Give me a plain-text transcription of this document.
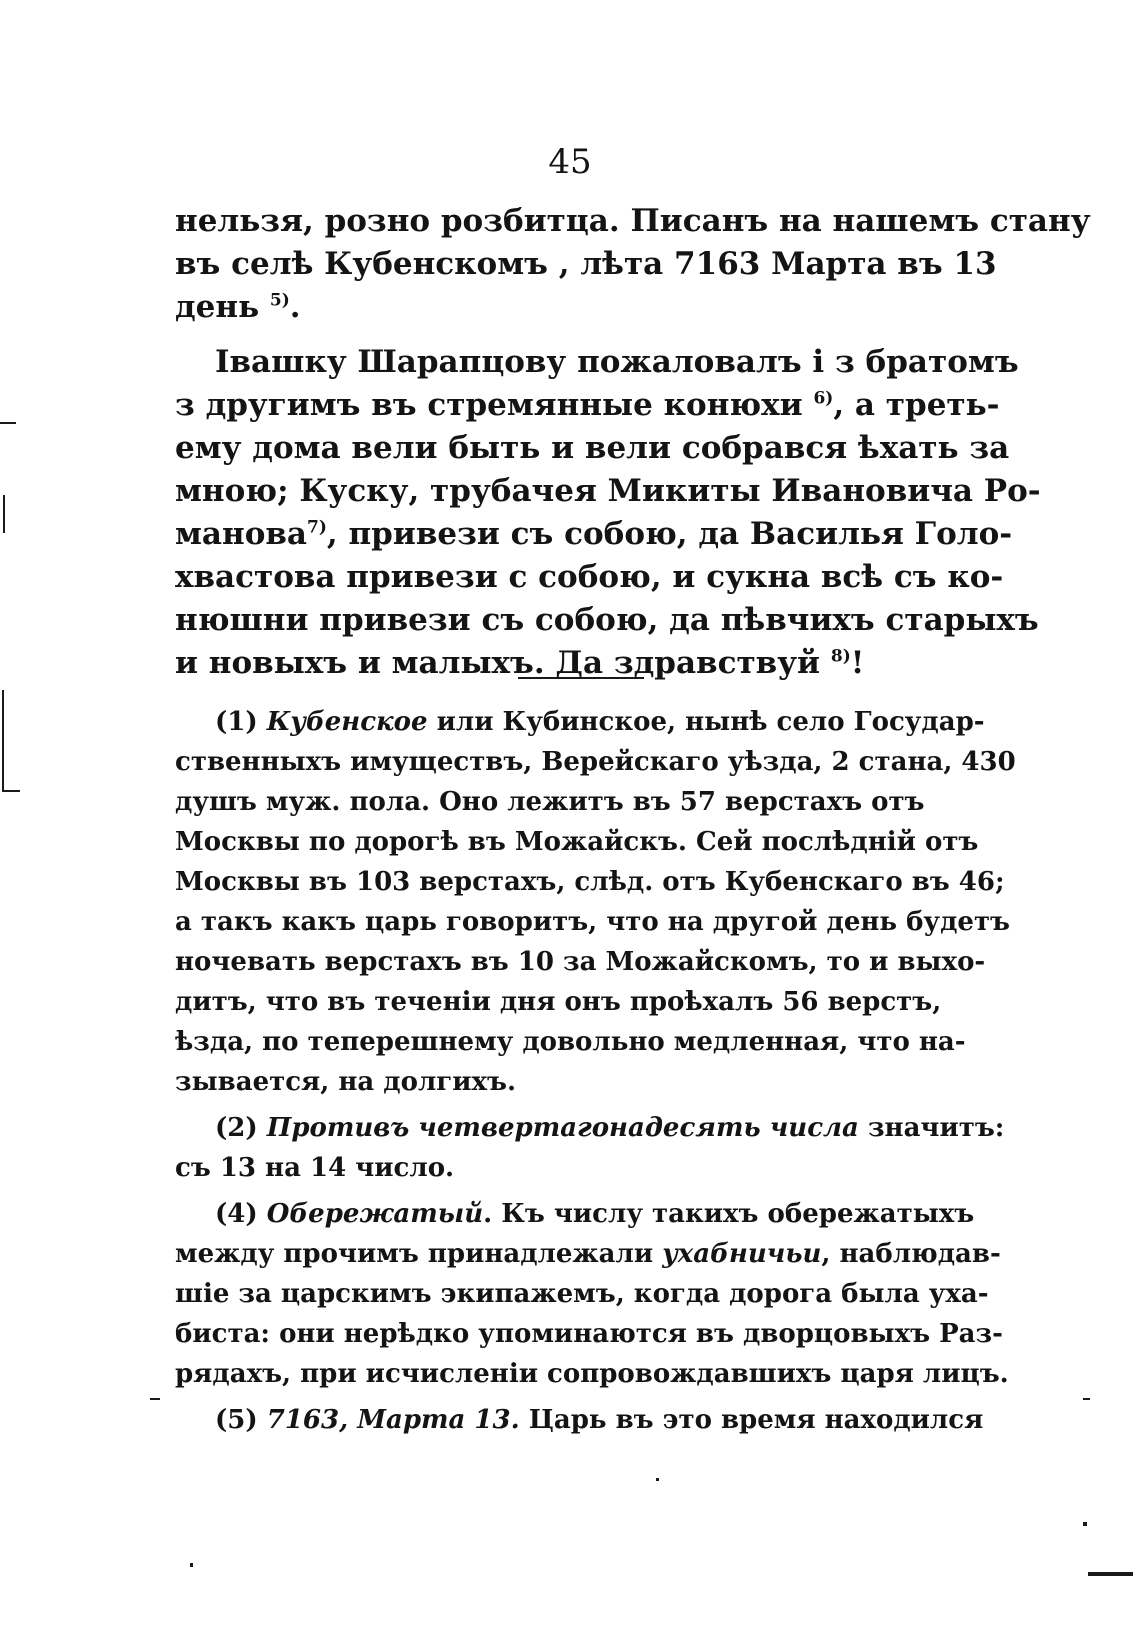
45
нельзя, розно розбитца. Писанъ на нашемъ стану
въ селѣ Кубенскомъ , лѣта 7163 Марта въ 13
день $^{5)}$.
Івашку Шарапцову пожаловалъ і з братомъ
з другимъ въ стремянные конюхи $^{6)}$, а треть-
ему дома вели быть и вели собрався ѣхать за
мною; Куску, трубачея Микиты Ивановича Ро-
манова$^{7)}$, привези съ собою, да Василья Голо-
хвастова привези с собою, и сукна всѣ съ ко-
нюшни привези съ собою, да пѣвчихъ старыхъ
и новыхъ и малыхъ. Да здравствуй $^{8)}$!
(1) Кубенское или Кубинское, нынѣ село Государ-
ственныхъ имуществъ, Верейскаго уѣзда, 2 стана, 430
душъ муж. пола. Оно лежитъ въ 57 верстахъ отъ
Москвы по дорогѣ въ Можайскъ. Сей послѣдній отъ
Москвы въ 103 верстахъ, слѣд. отъ Кубенскаго въ 46;
а такъ какъ царь говоритъ, что на другой день будетъ
ночевать верстахъ въ 10 за Можайскомъ, то и выхо-
дитъ, что въ теченіи дня онъ проѣхалъ 56 верстъ,
ѣзда, по теперешнему довольно медленная, что на-
зывается, на долгихъ.
(2) Противъ четвертагонадесять числа значитъ:
съ 13 на 14 число.
(4) Обережатый. Къ числу такихъ обережатыхъ
между прочимъ принадлежали ухабничьи, наблюдав-
шіе за царскимъ экипажемъ, когда дорога была уха-
биста: они нерѣдко упоминаются въ дворцовыхъ Раз-
рядахъ, при исчисленіи сопровождавшихъ царя лицъ.
(5) 7163, Марта 13. Царь въ это время находился
